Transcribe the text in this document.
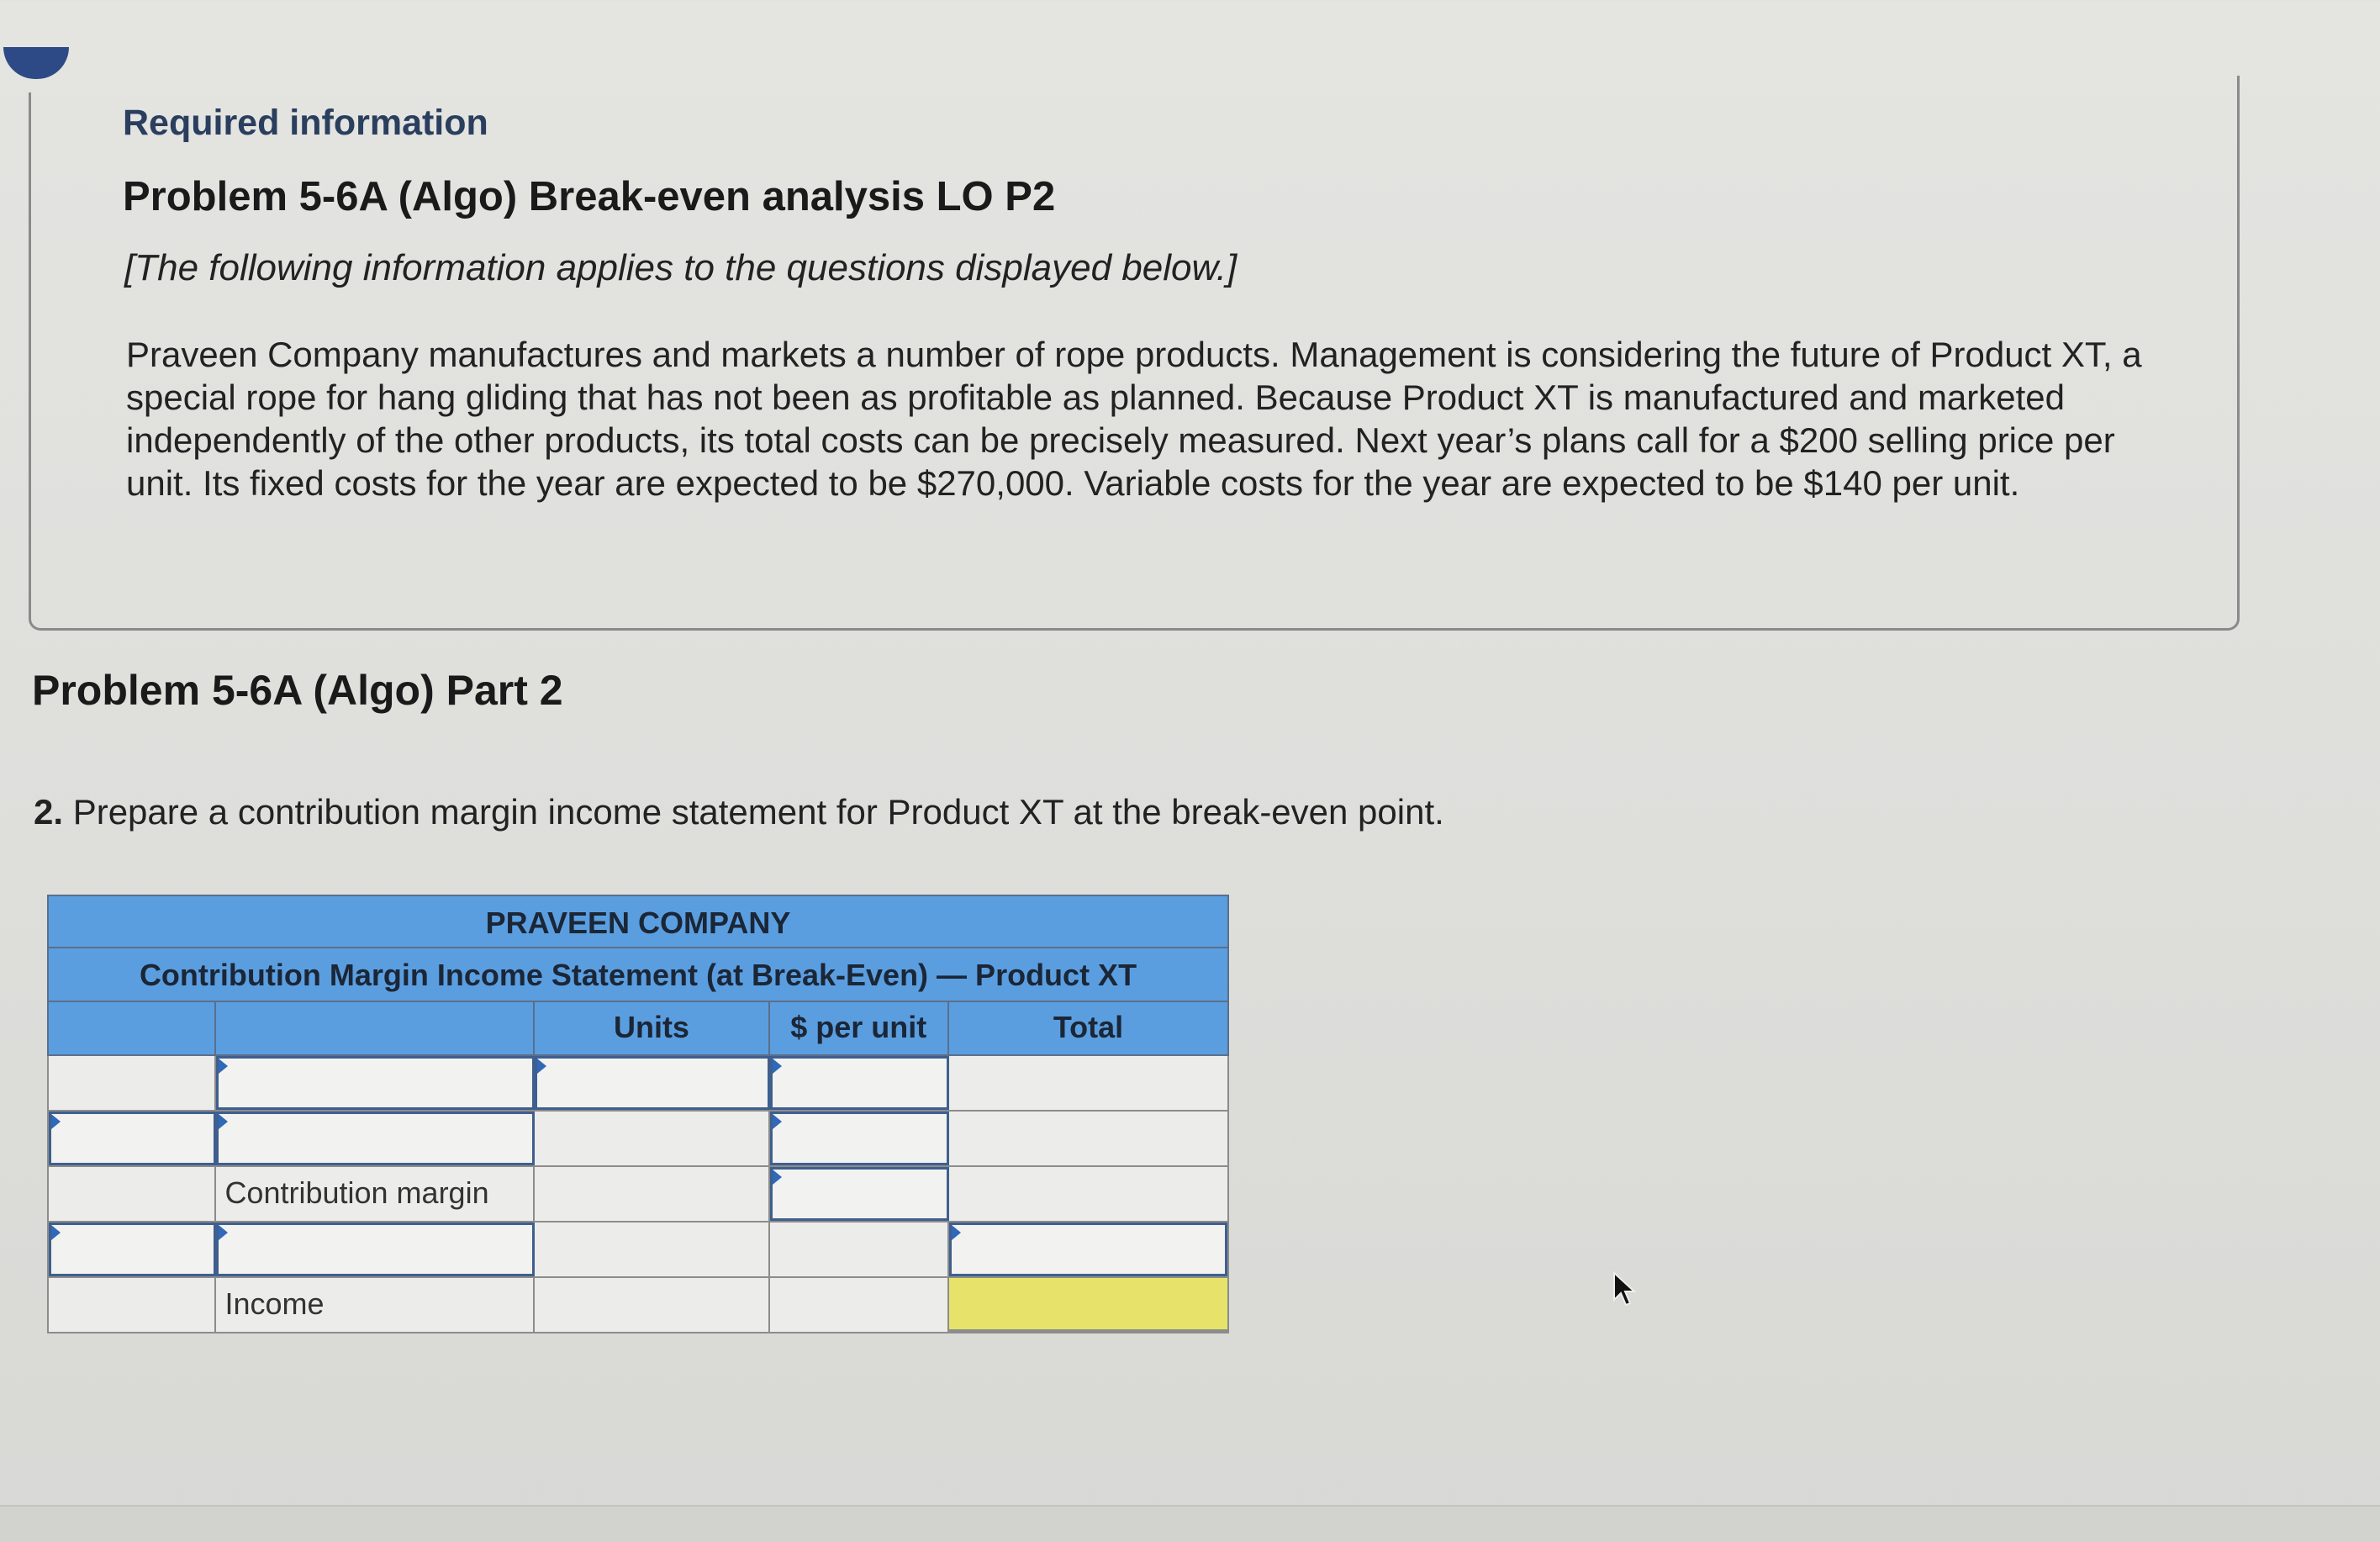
Required information
Problem 5-6A (Algo) Break-even analysis LO P2
[The following information applies to the questions displayed below.]
Praveen Company manufactures and markets a number of rope products. Management is considering the future of Product XT, a special rope for hang gliding that has not been as profitable as planned. Because Product XT is manufactured and marketed independently of the other products, its total costs can be precisely measured. Next year’s plans call for a $200 selling price per unit. Its fixed costs for the year are expected to be $270,000. Variable costs for the year are expected to be $140 per unit.
Problem 5-6A (Algo) Part 2
2. Prepare a contribution margin income statement for Product XT at the break-even point.
PRAVEEN COMPANY
Contribution Margin Income Statement (at Break-Even) — Product XT
Units	$ per unit	Total
Contribution margin
Income
